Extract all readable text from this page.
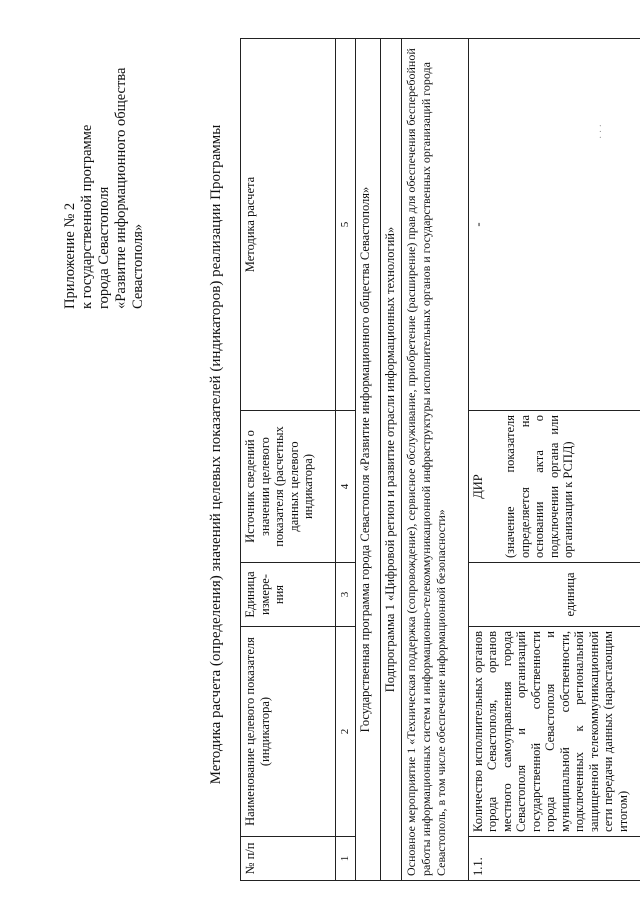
Приложение № 2 к государственной программе города Севастополя «Развитие информационного общества Севастополя»	Методика расчета (определения) значений целевых показателей (индикаторов) реализации Программы
№ п/п	Наименование целевого показателя (индикатора)	Единица измере-ния	Источник сведений о значении целевого показателя (расчетных данных целевого индикатора)	Методика расчета
1	2	3	4	5
Государственная программа города Севастополя «Развитие информационного общества Севастополя»				
Подпрограмма 1 «Цифровой регион и развитие отрасли информационных технологий»				
Основное мероприятие 1 «Техническая поддержка (сопровождение), сервисное обслуживание, приобретение (расширение) прав для обеспечения бесперебойной работы информационных систем и информационно-телекоммуникационной инфраструктуры исполнительных органов и государственных организаций города Севастополь, в том числе обеспечение информационной безопасности»				
1.1.	Количество исполнительных органов города Севастополя, органов местного самоуправления города Севастополя и организаций государственной собственности города Севастополя и муниципальной собственности, подключенных к региональной защищенной телекоммуникационной сети передачи данных (нарастающим итогом)	единица	ДИР (значение показателя определяется на основании акта о подключении органа или организации к РСПД)	-
· · ·
